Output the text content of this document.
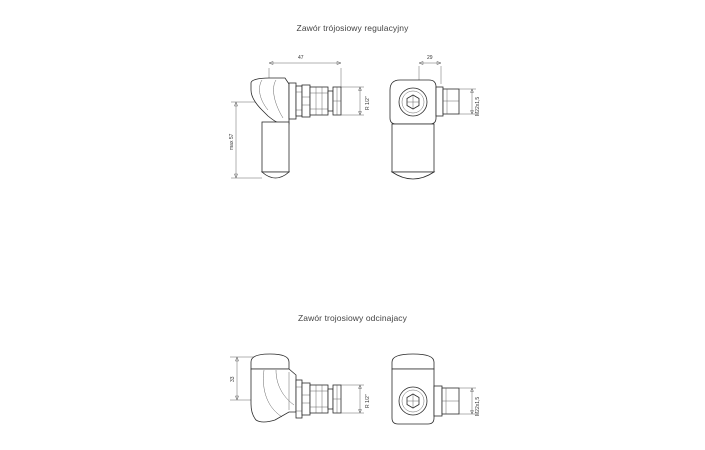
Zawór trójosiowy regulacyjny
Zawór trojosiowy odcinajacy
47
max 57
R 1/2"
29
M22x1,5
33
R 1/2"	M22x1,5
